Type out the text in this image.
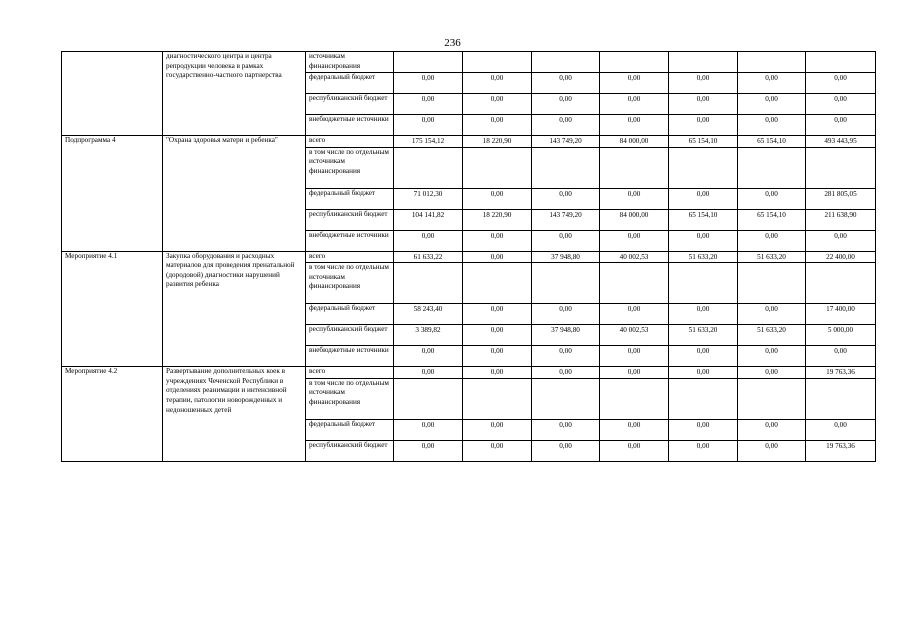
236
	диагностического центра и центра репродукции человека в рамках государственно-частного партнерства	источникам финансирования							
		федеральный бюджет	0,00	0,00	0,00	0,00	0,00	0,00	0,00
		республиканский бюджет	0,00	0,00	0,00	0,00	0,00	0,00	0,00
		внебюджетные источники	0,00	0,00	0,00	0,00	0,00	0,00	0,00
Подпрограмма 4	"Охрана здоровья матери и ребенка"	всего	175 154,12	18 220,90	143 749,20	84 000,00	65 154,10	65 154,10	493 443,95
		в том числе по отдельным источникам финансирования							
		федеральный бюджет	71 012,30	0,00	0,00	0,00	0,00	0,00	281 805,05
		республиканский бюджет	104 141,82	18 220,90	143 749,20	84 000,00	65 154,10	65 154,10	211 638,90
		внебюджетные источники	0,00	0,00	0,00	0,00	0,00	0,00	0,00
Мероприятие 4.1	Закупка оборудования и расходных материалов для проведения пренатальной (дородовой) диагностики нарушений развития ребенка	всего	61 633,22	0,00	37 948,80	40 002,53	51 633,20	51 633,20	22 400,00
		в том числе по отдельным источникам финансирования							
		федеральный бюджет	58 243,40	0,00	0,00	0,00	0,00	0,00	17 400,00
		республиканский бюджет	3 389,82	0,00	37 948,80	40 002,53	51 633,20	51 633,20	5 000,00
		внебюджетные источники	0,00	0,00	0,00	0,00	0,00	0,00	0,00
Мероприятие 4.2	Развертывание дополнительных коек в учреждениях Чеченской Республики в отделениях реанимации и интенсивной терапии, патологии новорожденных и недоношенных детей	всего	0,00	0,00	0,00	0,00	0,00	0,00	19 763,36
		в том числе по отдельным источникам финансирования							
		федеральный бюджет	0,00	0,00	0,00	0,00	0,00	0,00	0,00
		республиканский бюджет	0,00	0,00	0,00	0,00	0,00	0,00	19 763,36
